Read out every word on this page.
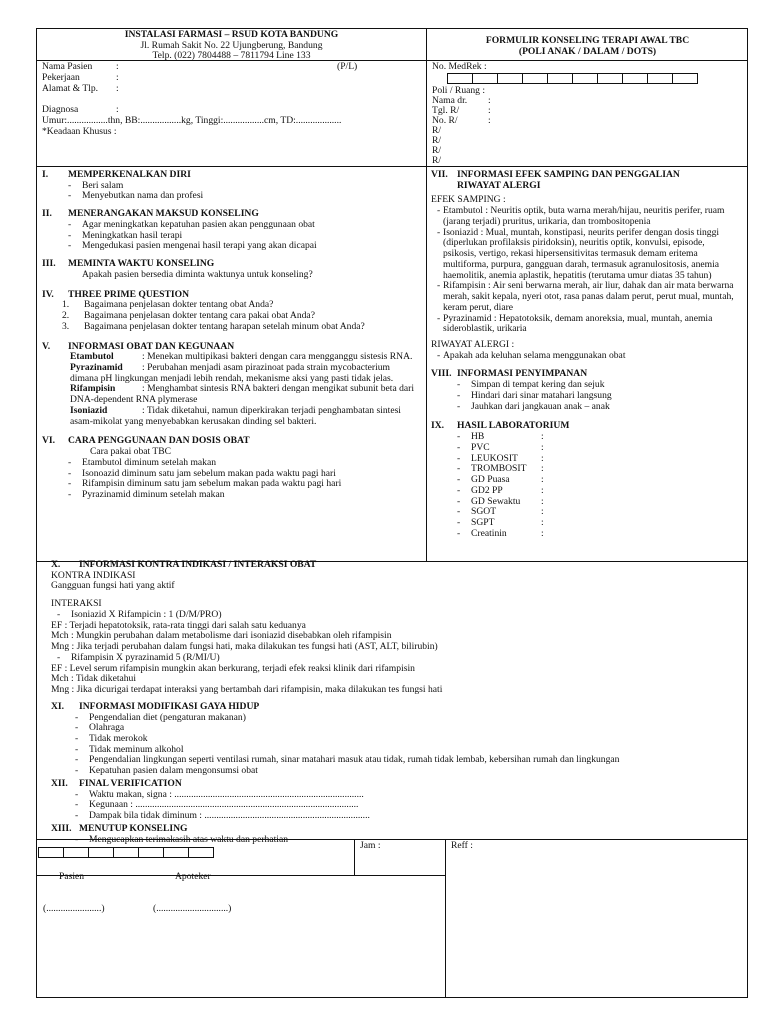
INSTALASI FARMASI – RSUD KOTA BANDUNG
Jl. Rumah Sakit No. 22 Ujungberung, Bandung
Telp. (022) 7804488 – 7811794 Line 133
FORMULIR KONSELING TERAPI AWAL TBC
(POLI ANAK / DALAM / DOTS)
Nama Pasien :	(P/L)
Pekerjaan	:
Alamat & Tlp. :
Diagnosa	:
Umur:.................thn, BB:.................kg, Tinggi:.................cm, TD:...................
*Keadaan Khusus :
No. MedRek :
Poli / Ruang :
Nama dr. :
Tgl. R/	:
No. R/	:
R/
R/
R/
R/
I. MEMPERKENALKAN DIRI
- Beri salam
- Menyebutkan nama dan profesi
II. MENERANGAKAN MAKSUD KONSELING
- Agar meningkatkan kepatuhan pasien akan penggunaan obat
- Meningkatkan hasil terapi
- Mengedukasi pasien mengenai hasil terapi yang akan dicapai
III. MEMINTA WAKTU KONSELING
Apakah pasien bersedia diminta waktunya untuk konseling?
IV. THREE PRIME QUESTION
1. Bagaimana penjelasan dokter tentang obat Anda?
2. Bagaimana penjelasan dokter tentang cara pakai obat Anda?
3. Bagaimana penjelasan dokter tentang harapan setelah minum obat Anda?
V. INFORMASI OBAT DAN KEGUNAAN
Etambutol	: Menekan multipikasi bakteri dengan cara mengganggu sistesis RNA.
Pyrazinamid : Perubahan menjadi asam pirazinoat pada strain mycobacterium dimana pH lingkungan menjadi lebih rendah, mekanisme aksi yang pasti tidak jelas.
Rifampisin	: Menghambat sintesis RNA bakteri dengan mengikat subunit beta dari DNA-dependent RNA plymerase
Isoniazid	: Tidak diketahui, namun diperkirakan terjadi penghambatan sintesi asam-mikolat yang menyebabkan kerusakan dinding sel bakteri.
VI. CARA PENGGUNAAN DAN DOSIS OBAT
Cara pakai obat TBC
- Etambutol diminum setelah makan
- Isonoazid diminum satu jam sebelum makan pada waktu pagi hari
- Rifampisin diminum satu jam sebelum makan pada waktu pagi hari
- Pyrazinamid diminum setelah makan
VII. INFORMASI EFEK SAMPING DAN PENGGALIAN
RIWAYAT ALERGI
EFEK SAMPING :
- Etambutol : Neuritis optik, buta warna merah/hijau, neuritis perifer, ruam (jarang terjadi) pruritus, urikaria, dan trombositopenia
- Isoniazid : Mual, muntah, konstipasi, neurits perifer dengan dosis tinggi (diperlukan profilaksis piridoksin), neuritis optik, konvulsi, episode, psikosis, vertigo, rekasi hipersensitivitas termasuk demam eritema multiforma, purpura, gangguan darah, termasuk agranulositosis, anemia haemolitik, anemia aplastik, hepatitis (terutama umur diatas 35 tahun)
- Rifampisin : Air seni berwarna merah, air liur, dahak dan air mata berwarna merah, sakit kepala, nyeri otot, rasa panas dalam perut, perut mual, muntah, keram perut, diare
- Pyrazinamid : Hepatotoksik, demam anoreksia, mual, muntah, anemia sideroblastik, urikaria
RIWAYAT ALERGI :
- Apakah ada keluhan selama menggunakan obat
VIII. INFORMASI PENYIMPANAN
- Simpan di tempat kering dan sejuk
- Hindari dari sinar matahari langsung
- Jauhkan dari jangkauan anak – anak
IX. HASIL LABORATORIUM
- HB	:
- PVC	:
- LEUKOSIT :
- TROMBOSIT :
- GD Puasa	:
- GD2 PP	:
- GD Sewaktu :
- SGOT	:
- SGPT	:
- Creatinin	:
X. INFORMASI KONTRA INDIKASI / INTERAKSI OBAT
KONTRA INDIKASI
Gangguan fungsi hati yang aktif
INTERAKSI
- Isoniazid X Rifampicin : 1 (D/M/PRO)
EF : Terjadi hepatotoksik, rata-rata tinggi dari salah satu keduanya
Mch : Mungkin perubahan dalam metabolisme dari isoniazid disebabkan oleh rifampisin
Mng : Jika terjadi perubahan dalam fungsi hati, maka dilakukan tes fungsi hati (AST, ALT, bilirubin)
- Rifampisin X pyrazinamid 5 (R/MI/U)
EF : Level serum rifampisin mungkin akan berkurang, terjadi efek reaksi klinik dari rifampisin
Mch : Tidak diketahui
Mng : Jika dicurigai terdapat interaksi yang bertambah dari rifampisin, maka dilakukan tes fungsi hati
XI. INFORMASI MODIFIKASI GAYA HIDUP
- Pengendalian diet (pengaturan makanan)
- Olahraga
- Tidak merokok
- Tidak meminum alkohol
- Pengendalian lingkungan seperti ventilasi rumah, sinar matahari masuk atau tidak, rumah tidak lembab, kebersihan rumah dan lingkungan
- Kepatuhan pasien dalam mengonsumsi obat
XII. FINAL VERIFICATION
- Waktu makan, signa : ...............................................................................
- Kegunaan : .............................................................................................
- Dampak bila tidak diminum : .....................................................................
XIII. MENUTUP KONSELING
- Mengucapkan terimakasih atas waktu dan perhatian
Jam :	Reff :
Pasien	Apoteker
(.......................)	(..............................)
